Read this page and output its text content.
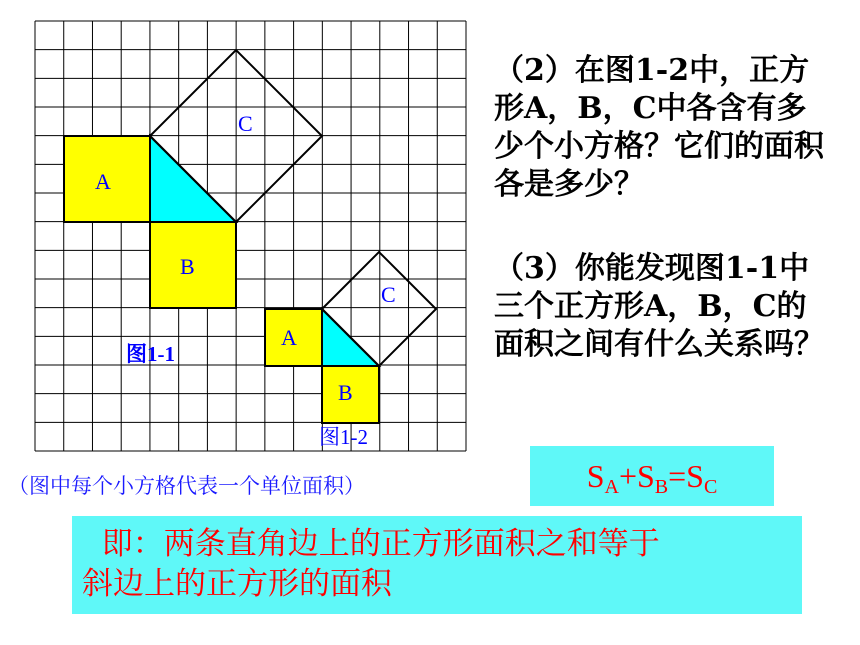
A
B
C
A
B
C
图1-1
图1-2
（2）在图1-2中，正方形A，B，C中各含有多少个小方格？它们的面积各是多少？
（3）你能发现图1-1中三个正方形A，B，C的面积之间有什么关系吗？
（图中每个小方格代表一个单位面积）	$S_A+S_B=S_C$
即：两条直角边上的正方形面积之和等于
斜边上的正方形的面积
